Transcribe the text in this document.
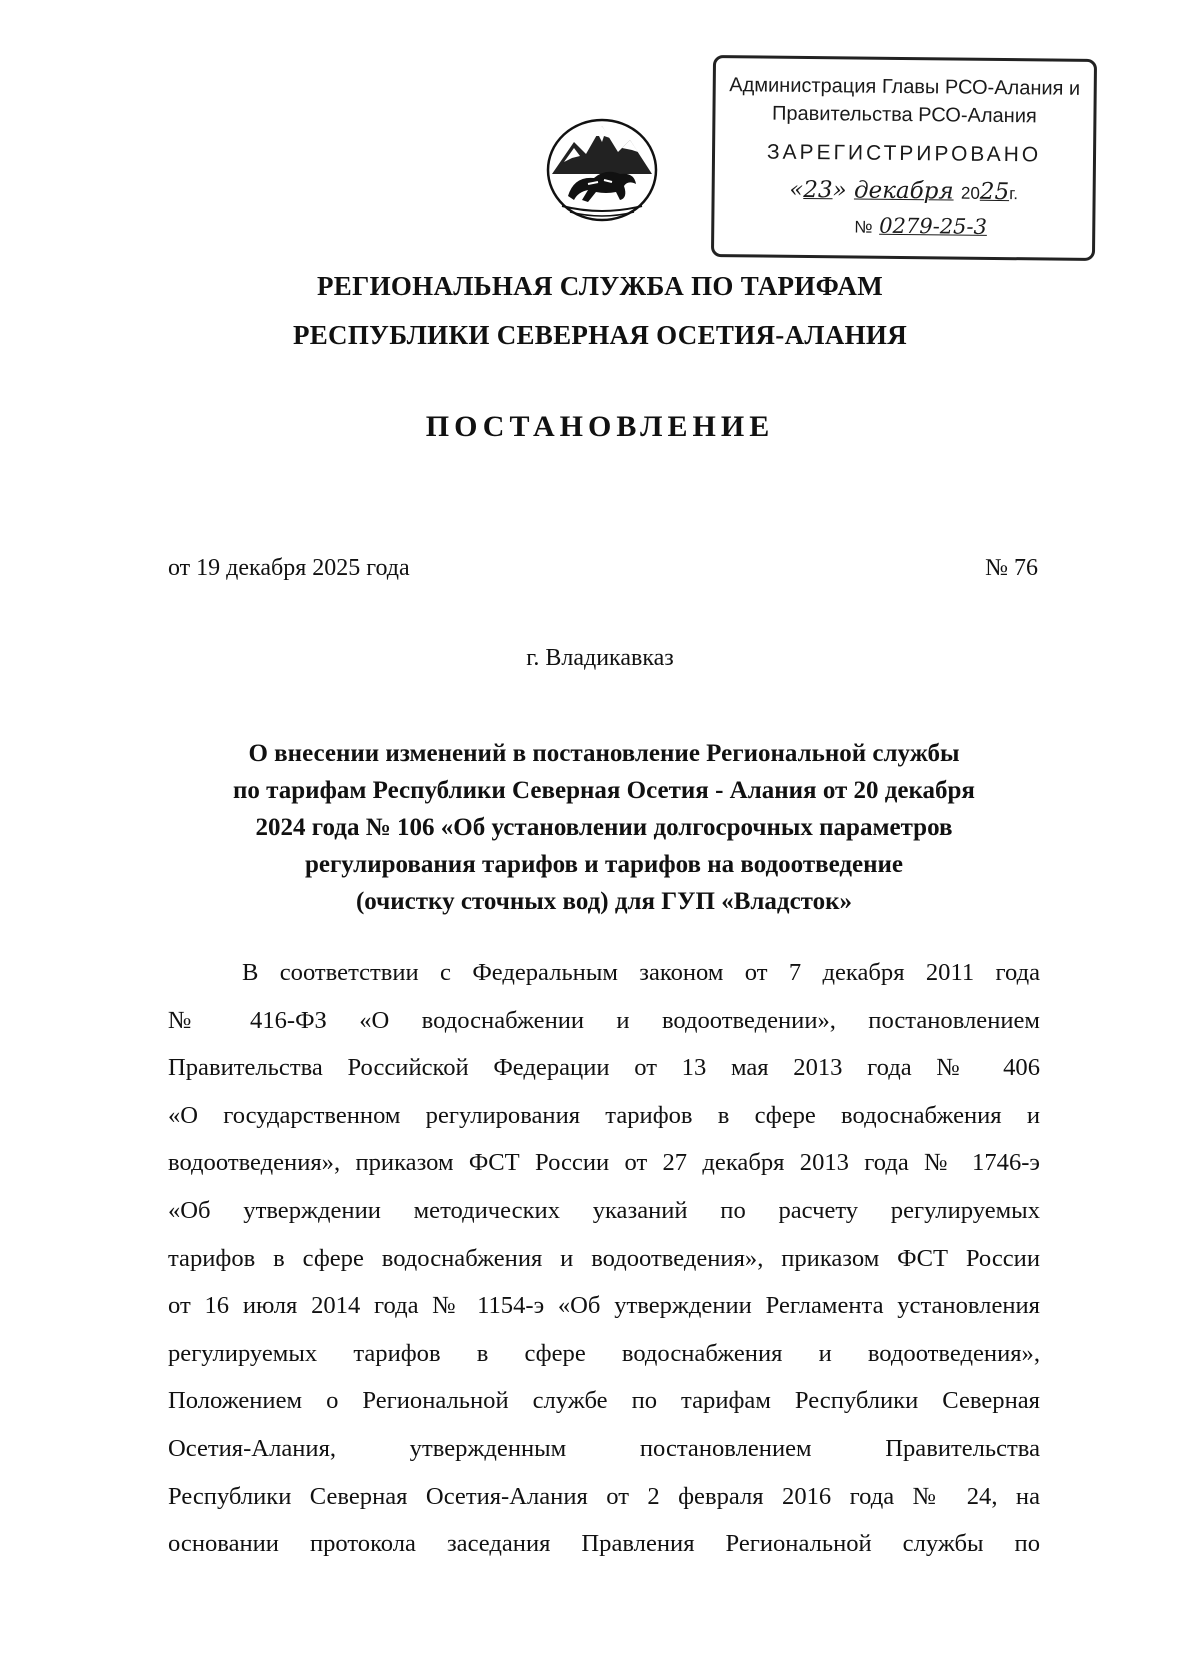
Администрация Главы РСО-Алания и
Правительства РСО-Алания
ЗАРЕГИСТРИРОВАНО
«23» декабря 2025г.
№ 0279-25-3
РЕГИОНАЛЬНАЯ СЛУЖБА ПО ТАРИФАМ
РЕСПУБЛИКИ СЕВЕРНАЯ ОСЕТИЯ-АЛАНИЯ
ПОСТАНОВЛЕНИЕ
от 19 декабря 2025 года	№ 76
г. Владикавказ
О внесении изменений в постановление Региональной службы
по тарифам Республики Северная Осетия - Алания от 20 декабря
2024 года № 106 «Об установлении долгосрочных параметров
регулирования тарифов и тарифов на водоотведение
(очистку сточных вод) для ГУП «Владсток»
В соответствии с Федеральным законом от 7 декабря 2011 года
№ 416-ФЗ «О водоснабжении и водоотведении», постановлением
Правительства Российской Федерации от 13 мая 2013 года № 406
«О государственном регулирования тарифов в сфере водоснабжения и
водоотведения», приказом ФСТ России от 27 декабря 2013 года № 1746-э
«Об утверждении методических указаний по расчету регулируемых
тарифов в сфере водоснабжения и водоотведения», приказом ФСТ России
от 16 июля 2014 года № 1154-э «Об утверждении Регламента установления
регулируемых тарифов в сфере водоснабжения и водоотведения»,
Положением о Региональной службе по тарифам Республики Северная
Осетия-Алания, утвержденным постановлением Правительства
Республики Северная Осетия-Алания от 2 февраля 2016 года № 24, на
основании протокола заседания Правления Региональной службы по
